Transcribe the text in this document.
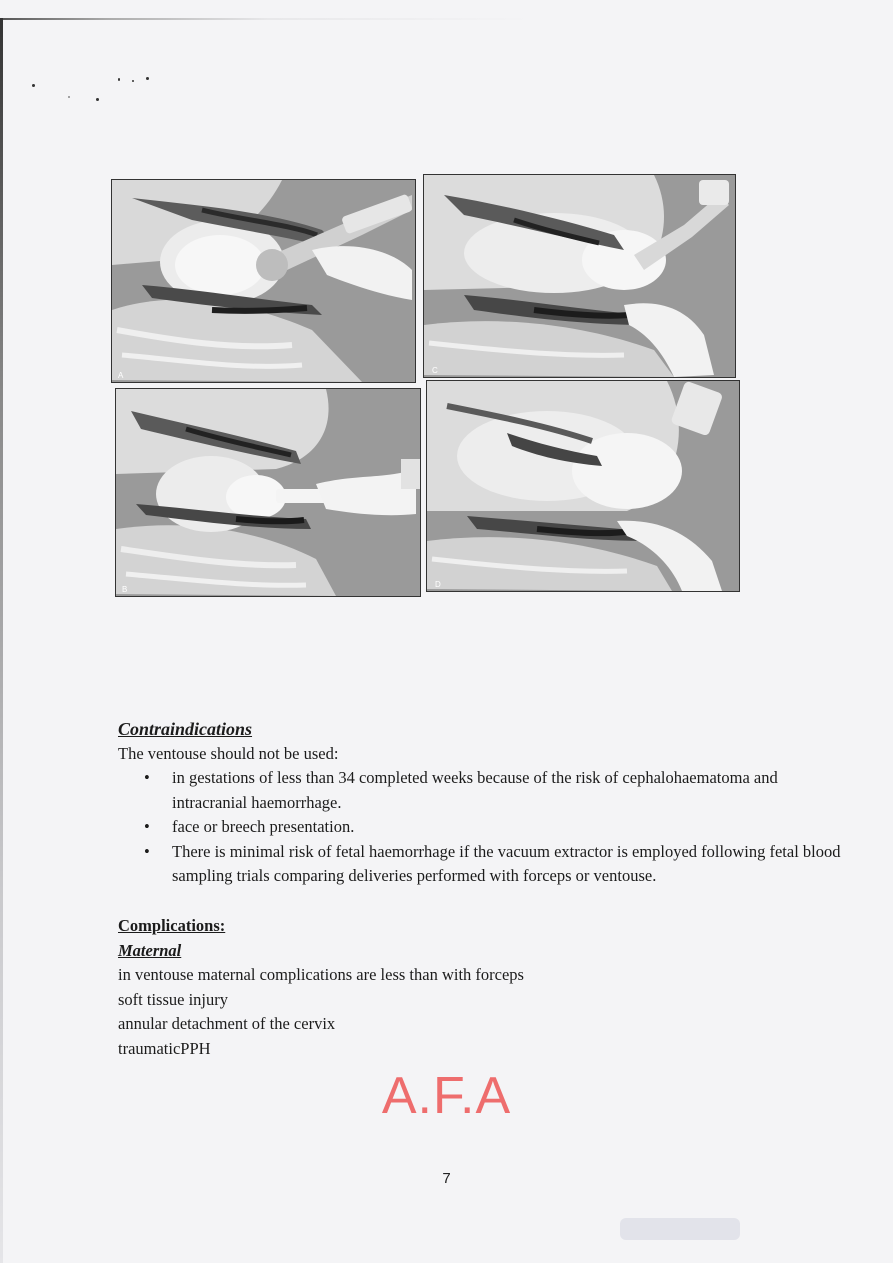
A
C
B
D
Contraindications
The ventouse should not be used:
• in gestations of less than 34 completed weeks because of the risk of cephalohaematoma and intracranial haemorrhage.
• face or breech presentation.
• There is minimal risk of fetal haemorrhage if the vacuum extractor is employed following fetal blood sampling trials comparing deliveries performed with forceps or ventouse.
Complications:
Maternal
in ventouse maternal complications are less than with forceps
soft tissue injury
annular detachment of the cervix
traumaticPPH
A.F.A
7
